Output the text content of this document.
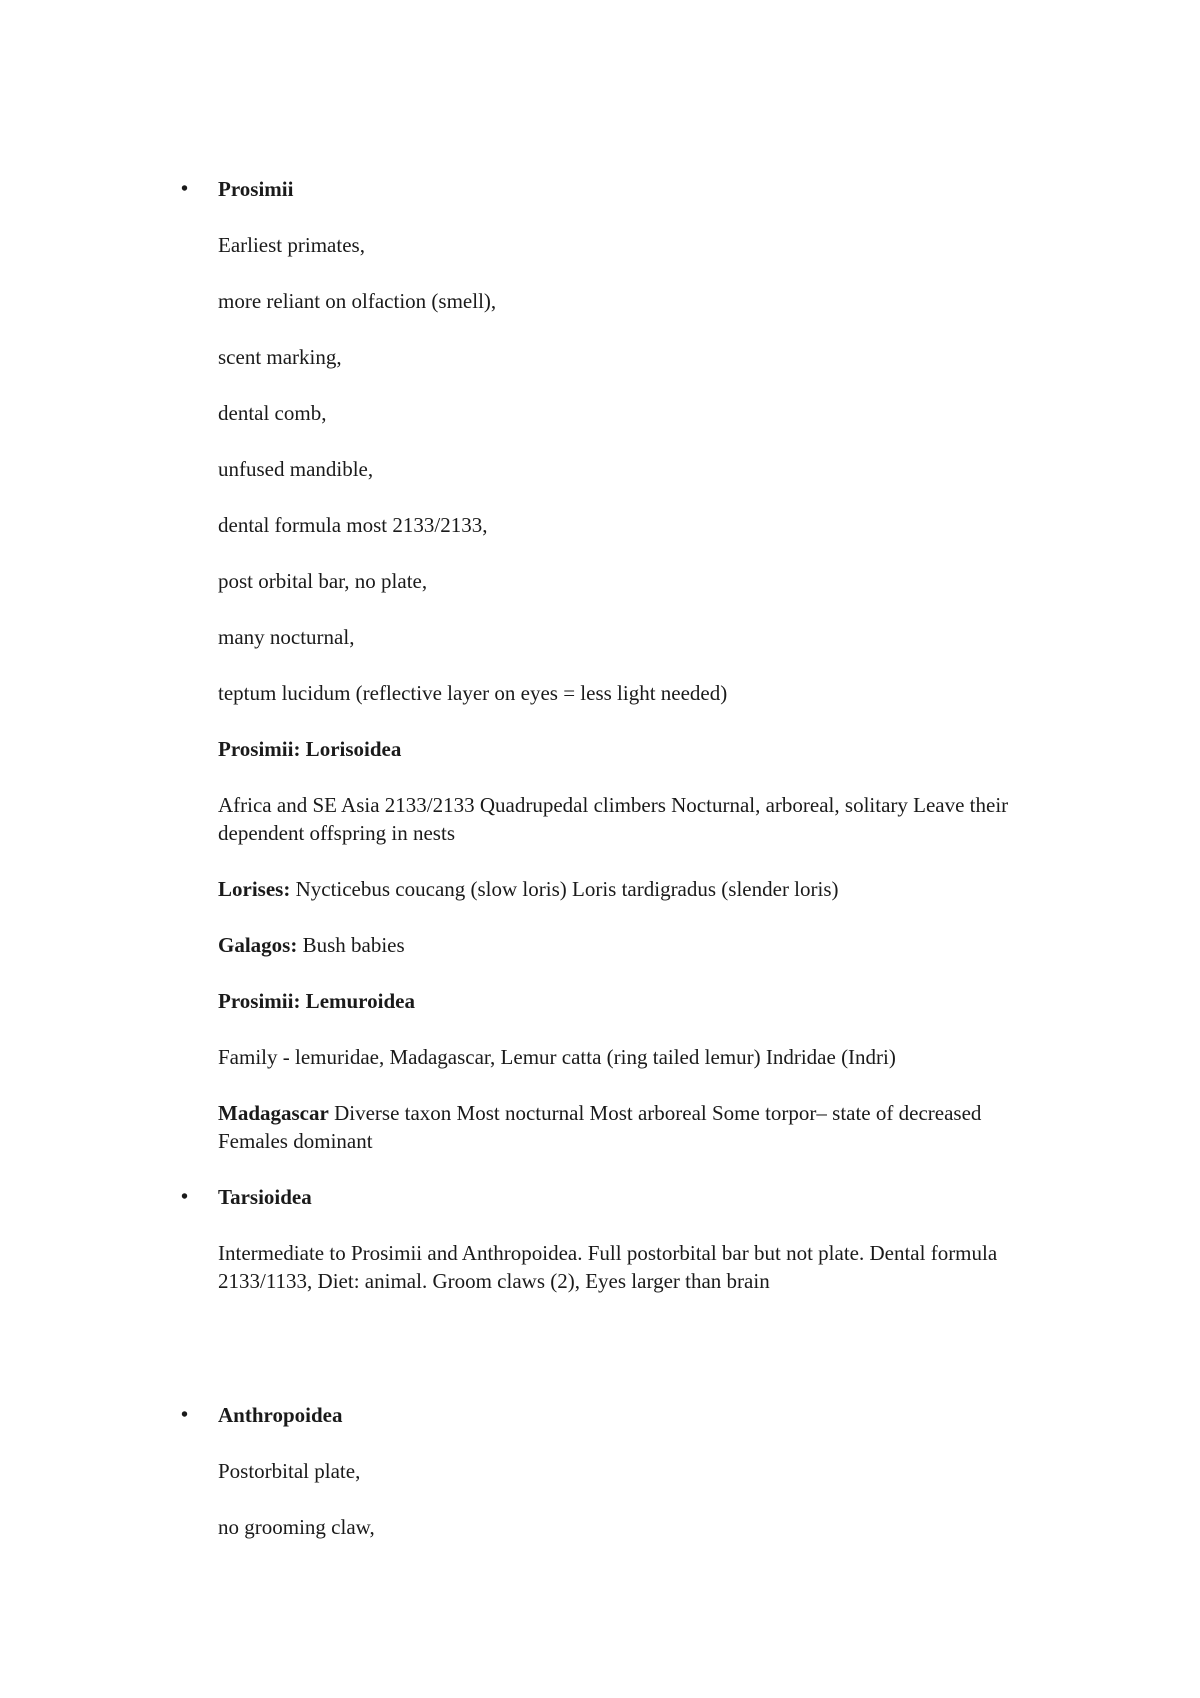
• Prosimii
Earliest primates,
more reliant on olfaction (smell),
scent marking,
dental comb,
unfused mandible,
dental formula most 2133/2133,
post orbital bar, no plate,
many nocturnal,
teptum lucidum (reflective layer on eyes = less light needed)
Prosimii: Lorisoidea
Africa and SE Asia 2133/2133 Quadrupedal climbers Nocturnal, arboreal, solitary Leave their dependent offspring in nests
Lorises: Nycticebus coucang (slow loris) Loris tardigradus (slender loris)
Galagos: Bush babies
Prosimii: Lemuroidea
Family - lemuridae, Madagascar, Lemur catta (ring tailed lemur) Indridae (Indri)
Madagascar Diverse taxon Most nocturnal Most arboreal Some torpor– state of decreased Females dominant
• Tarsioidea
Intermediate to Prosimii and Anthropoidea. Full postorbital bar but not plate. Dental formula 2133/1133, Diet: animal. Groom claws (2), Eyes larger than brain
• Anthropoidea
Postorbital plate,
no grooming claw,
